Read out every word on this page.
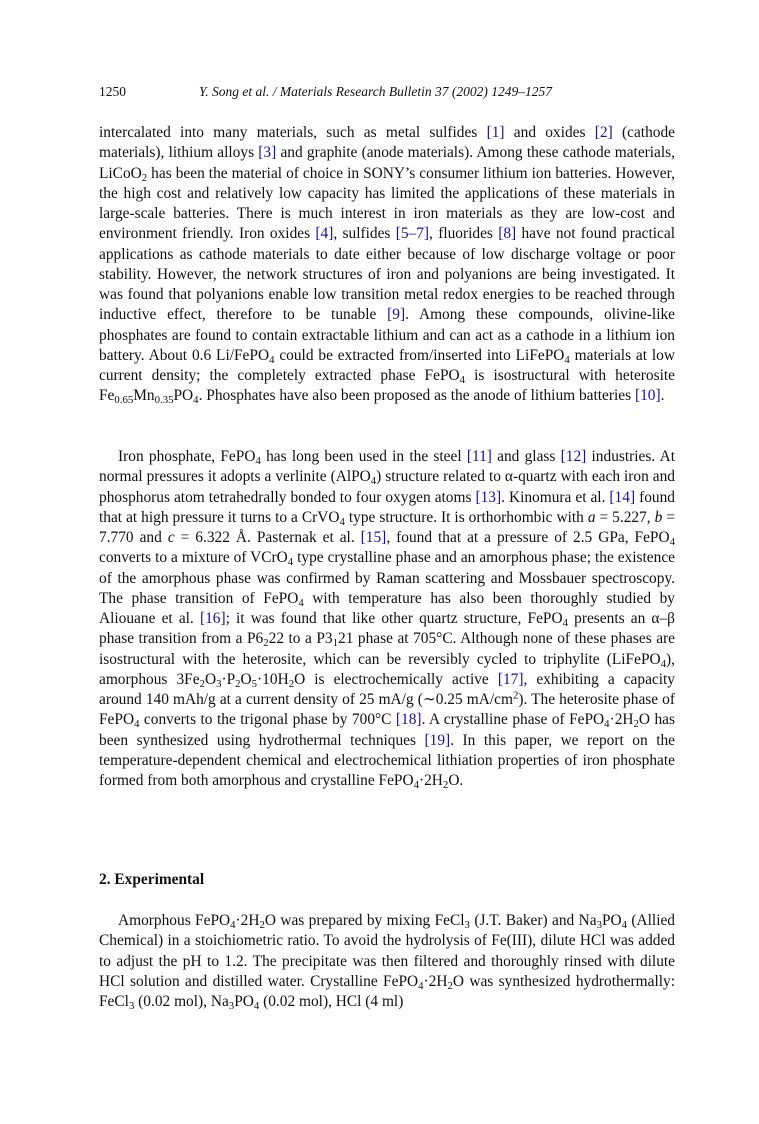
1250	Y. Song et al. / Materials Research Bulletin 37 (2002) 1249–1257

intercalated into many materials, such as metal sulfides [1] and oxides [2] (cathode materials), lithium alloys [3] and graphite (anode materials). Among these cathode materials, LiCoO$_2$ has been the material of choice in SONY’s consumer lithium ion batteries. However, the high cost and relatively low capacity has limited the applications of these materials in large-scale batteries. There is much interest in iron materials as they are low-cost and environment friendly. Iron oxides [4], sulfides [5–7], fluorides [8] have not found practical applications as cathode materials to date either because of low discharge voltage or poor stability. However, the network structures of iron and polyanions are being investigated. It was found that polyanions enable low transition metal redox energies to be reached through inductive effect, therefore to be tunable [9]. Among these compounds, olivine-like phosphates are found to contain extractable lithium and can act as a cathode in a lithium ion battery. About 0.6 Li/FePO$_4$ could be extracted from/inserted into LiFePO$_4$ materials at low current density; the completely extracted phase FePO$_4$ is isostructural with heterosite $Fe_{0.65}Mn_{0.35}PO_4$. Phosphates have also been proposed as the anode of lithium batteries [10].

Iron phosphate, FePO$_4$ has long been used in the steel [11] and glass [12] industries. At normal pressures it adopts a verlinite (AlPO$_4$) structure related to α-quartz with each iron and phosphorus atom tetrahedrally bonded to four oxygen atoms [13]. Kinomura et al. [14] found that at high pressure it turns to a CrVO$_4$ type structure. It is orthorhombic with a = 5.227, b = 7.770 and c = 6.322 Å. Pasternak et al. [15], found that at a pressure of 2.5 GPa, FePO$_4$ converts to a mixture of VCrO$_4$ type crystalline phase and an amorphous phase; the existence of the amorphous phase was confirmed by Raman scattering and Mossbauer spectroscopy. The phase transition of FePO$_4$ with temperature has also been thoroughly studied by Aliouane et al. [16]; it was found that like other quartz structure, FePO$_4$ presents an α–β phase transition from a $P6_222$ to a $P3_121$ phase at 705°C. Although none of these phases are isostructural with the heterosite, which can be reversibly cycled to triphylite (LiFePO$_4$), amorphous $3Fe_2O_3\cdot P_2O_5\cdot 10H_2O$ is electrochemically active [17], exhibiting a capacity around 140 mAh/g at a current density of 25 mA/g (∼0.25 $mA/cm^2$). The heterosite phase of FePO$_4$ converts to the trigonal phase by 700°C [18]. A crystalline phase of $FePO_4\cdot 2H_2O$ has been synthesized using hydrothermal techniques [19]. In this paper, we report on the temperature-dependent chemical and electrochemical lithiation properties of iron phosphate formed from both amorphous and crystalline $FePO_4\cdot 2H_2O$.

2. Experimental

Amorphous $FePO_4\cdot 2H_2O$ was prepared by mixing FeCl$_3$ (J.T. Baker) and $Na_3PO_4$ (Allied Chemical) in a stoichiometric ratio. To avoid the hydrolysis of Fe(III), dilute HCl was added to adjust the pH to 1.2. The precipitate was then filtered and thoroughly rinsed with dilute HCl solution and distilled water. Crystalline $FePO_4\cdot 2H_2O$ was synthesized hydrothermally: FeCl$_3$ (0.02 mol), $Na_3PO_4$ (0.02 mol), HCl (4 ml)
